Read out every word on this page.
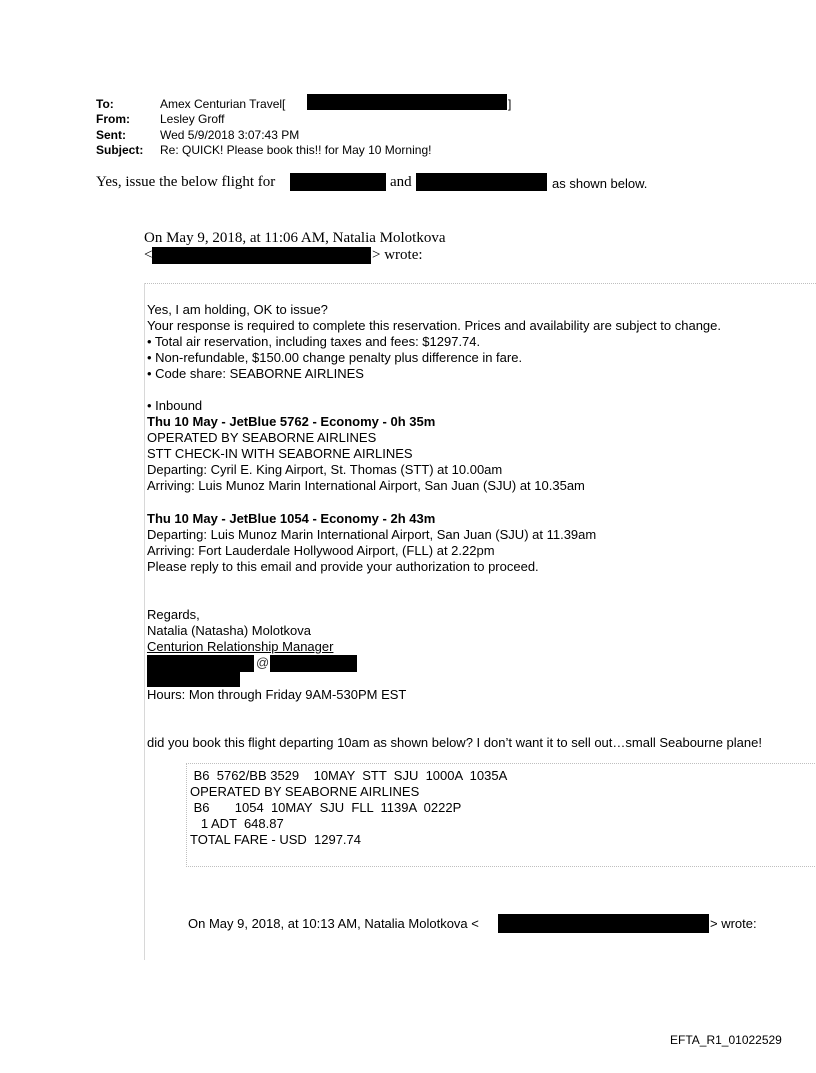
To:	Amex Centurian Travel[	]
From:	Lesley Groff
Sent:	Wed 5/9/2018 3:07:43 PM
Subject: Re: QUICK! Please book this!! for May 10 Morning!
Yes, issue the below flight for	and	as shown below.
On May 9, 2018, at 11:06 AM, Natalia Molotkova
<	> wrote:
Yes, I am holding, OK to issue?
Your response is required to complete this reservation. Prices and availability are subject to change.
• Total air reservation, including taxes and fees: $1297.74.
• Non-refundable, $150.00 change penalty plus difference in fare.
• Code share: SEABORNE AIRLINES
• Inbound
Thu 10 May - JetBlue 5762 - Economy - 0h 35m
OPERATED BY SEABORNE AIRLINES
STT CHECK-IN WITH SEABORNE AIRLINES
Departing: Cyril E. King Airport, St. Thomas (STT) at 10.00am
Arriving: Luis Munoz Marin International Airport, San Juan (SJU) at 10.35am
Thu 10 May - JetBlue 1054 - Economy - 2h 43m
Departing: Luis Munoz Marin International Airport, San Juan (SJU) at 11.39am
Arriving: Fort Lauderdale Hollywood Airport, (FLL) at 2.22pm
Please reply to this email and provide your authorization to proceed.
Regards,
Natalia (Natasha) Molotkova
Centurion Relationship Manager
@
Hours: Mon through Friday 9AM-530PM EST
did you book this flight departing 10am as shown below? I don’t want it to sell out…small Seabourne plane!
B6  5762/BB 3529    10MAY  STT  SJU  1000A  1035A
OPERATED BY SEABORNE AIRLINES
B6       1054  10MAY  SJU  FLL  1139A  0222P
1 ADT  648.87
TOTAL FARE - USD  1297.74
On May 9, 2018, at 10:13 AM, Natalia Molotkova <	> wrote:
EFTA_R1_01022529
